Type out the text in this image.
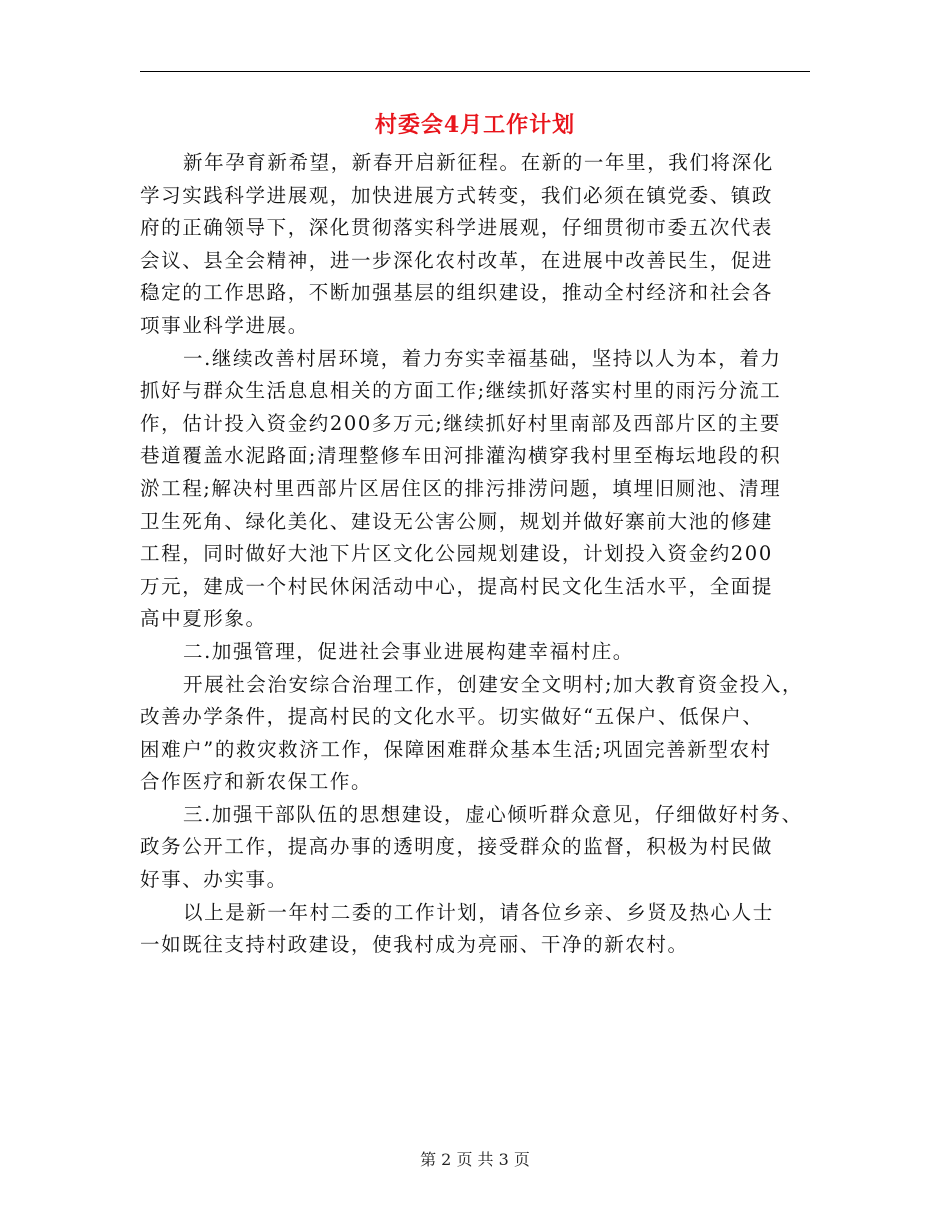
村委会4月工作计划
新年孕育新希望，新春开启新征程。在新的一年里，我们将深化
学习实践科学进展观，加快进展方式转变，我们必须在镇党委、镇政
府的正确领导下，深化贯彻落实科学进展观，仔细贯彻市委五次代表
会议、县全会精神，进一步深化农村改革，在进展中改善民生，促进
稳定的工作思路，不断加强基层的组织建设，推动全村经济和社会各
项事业科学进展。
一.继续改善村居环境，着力夯实幸福基础，坚持以人为本，着力
抓好与群众生活息息相关的方面工作;继续抓好落实村里的雨污分流工
作，估计投入资金约200多万元;继续抓好村里南部及西部片区的主要
巷道覆盖水泥路面;清理整修车田河排灌沟横穿我村里至梅坛地段的积
淤工程;解决村里西部片区居住区的排污排涝问题，填埋旧厕池、清理
卫生死角、绿化美化、建设无公害公厕，规划并做好寨前大池的修建
工程，同时做好大池下片区文化公园规划建设，计划投入资金约200
万元，建成一个村民休闲活动中心，提高村民文化生活水平，全面提
高中夏形象。
二.加强管理，促进社会事业进展构建幸福村庄。
开展社会治安综合治理工作，创建安全文明村;加大教育资金投入，
改善办学条件，提高村民的文化水平。切实做好“五保户、低保户、
困难户”的救灾救济工作，保障困难群众基本生活;巩固完善新型农村
合作医疗和新农保工作。
三.加强干部队伍的思想建设，虚心倾听群众意见，仔细做好村务、
政务公开工作，提高办事的透明度，接受群众的监督，积极为村民做
好事、办实事。
以上是新一年村二委的工作计划，请各位乡亲、乡贤及热心人士
一如既往支持村政建设，使我村成为亮丽、干净的新农村。
第 2 页 共 3 页
